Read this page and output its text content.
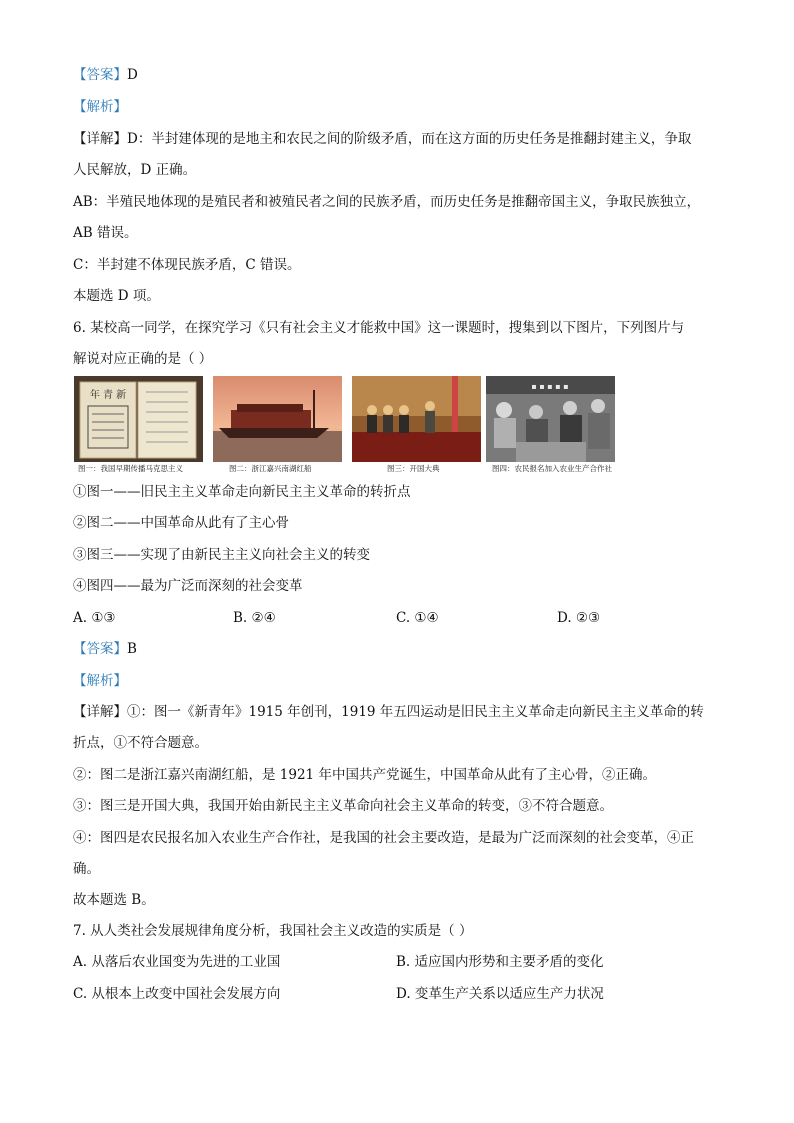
【答案】D
【解析】
【详解】D：半封建体现的是地主和农民之间的阶级矛盾，而在这方面的历史任务是推翻封建主义，争取
人民解放，D 正确。
AB：半殖民地体现的是殖民者和被殖民者之间的民族矛盾，而历史任务是推翻帝国主义，争取民族独立，
AB 错误。
C：半封建不体现民族矛盾，C 错误。
本题选 D 项。
6. 某校高一同学，在探究学习《只有社会主义才能救中国》这一课题时，搜集到以下图片，下列图片与
解说对应正确的是（ ）
年 青 新
▪ ▪ ▪ ▪ ▪
图一：我国早期传播马克思主义	图二：浙江嘉兴南湖红船	图三：开国大典	图四：农民报名加入农业生产合作社
①图一——旧民主主义革命走向新民主主义革命的转折点
②图二——中国革命从此有了主心骨
③图三——实现了由新民主主义向社会主义的转变
④图四——最为广泛而深刻的社会变革
A. ①③	B. ②④	C. ①④	D. ②③
【答案】B
【解析】
【详解】①：图一《新青年》1915 年创刊，1919 年五四运动是旧民主主义革命走向新民主主义革命的转
折点，①不符合题意。
②：图二是浙江嘉兴南湖红船，是 1921 年中国共产党诞生，中国革命从此有了主心骨，②正确。
③：图三是开国大典，我国开始由新民主主义革命向社会主义革命的转变，③不符合题意。
④：图四是农民报名加入农业生产合作社，是我国的社会主要改造，是最为广泛而深刻的社会变革，④正
确。
故本题选 B。
7. 从人类社会发展规律角度分析，我国社会主义改造的实质是（ ）
A. 从落后农业国变为先进的工业国	B. 适应国内形势和主要矛盾的变化
C. 从根本上改变中国社会发展方向	D. 变革生产关系以适应生产力状况
